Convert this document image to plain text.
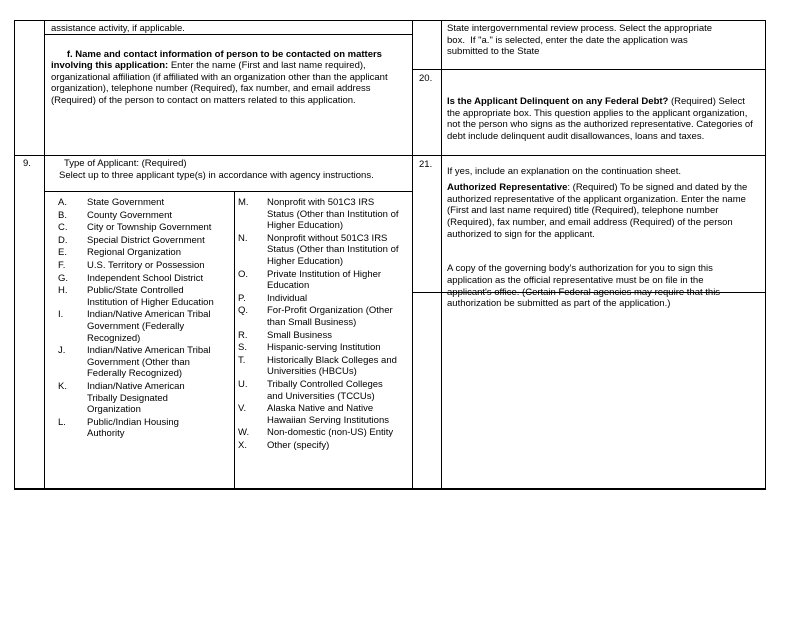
assistance activity, if applicable.

f. Name and contact information of person to be contacted on matters involving this application: Enter the name (First and last name required), organizational affiliation (if affiliated with an organization other than the applicant organization), telephone number (Required), fax number, and email address (Required) of the person to contact on matters related to this application.

9.	Type of Applicant: (Required)
Select up to three applicant type(s) in accordance with agency instructions.
A.	State Government
B.	County Government
C.	City or Township Government
D.	Special District Government
E.	Regional Organization
F.	U.S. Territory or Possession
G.	Independent School District
H.	Public/State Controlled Institution of Higher Education
I.	Indian/Native American Tribal Government (Federally Recognized)
J.	Indian/Native American Tribal Government (Other than Federally Recognized)
K.	Indian/Native American Tribally Designated Organization
L.	Public/Indian Housing Authority
M.	Nonprofit with 501C3 IRS Status (Other than Institution of Higher Education)
N.	Nonprofit without 501C3 IRS Status (Other than Institution of Higher Education)
O.	Private Institution of Higher Education
P.	Individual
Q.	For-Profit Organization (Other than Small Business)
R.	Small Business
S.	Hispanic-serving Institution
T.	Historically Black Colleges and Universities (HBCUs)
U.	Tribally Controlled Colleges and Universities (TCCUs)
V.	Alaska Native and Native Hawaiian Serving Institutions
W.	Non-domestic (non-US) Entity
X.	Other (specify)
State intergovernmental review process. Select the appropriate box.  If "a." is selected, enter the date the application was submitted to the State
20.

Is the Applicant Delinquent on any Federal Debt? (Required) Select the appropriate box. This question applies to the applicant organization, not the person who signs as the authorized representative. Categories of debt include delinquent audit disallowances, loans and taxes.

If yes, include an explanation on the continuation sheet.

21.

Authorized Representative: (Required) To be signed and dated by the authorized representative of the applicant organization. Enter the name (First and last name required) title (Required), telephone number (Required), fax number, and email address (Required) of the person authorized to sign for the applicant.

A copy of the governing body's authorization for you to sign this application as the official representative must be on file in the applicant's office. (Certain Federal agencies may require that this authorization be submitted as part of the application.)
